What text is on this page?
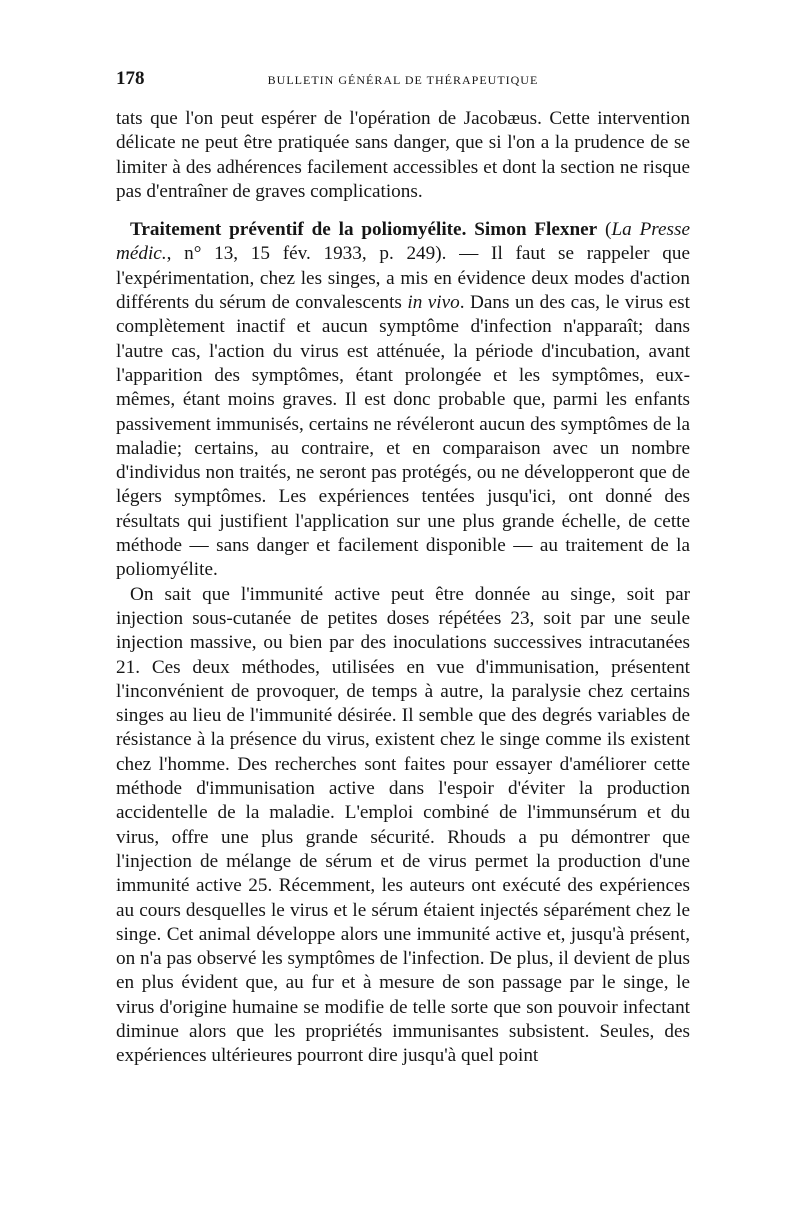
178	BULLETIN GÉNÉRAL DE THÉRAPEUTIQUE

tats que l'on peut espérer de l'opération de Jacobæus. Cette intervention délicate ne peut être pratiquée sans danger, que si l'on a la prudence de se limiter à des adhérences facilement accessibles et dont la section ne risque pas d'entraîner de graves complications.

Traitement préventif de la poliomyélite. Simon Flexner (La Presse médic., n° 13, 15 fév. 1933, p. 249). — Il faut se rappeler que l'expérimentation, chez les singes, a mis en évidence deux modes d'action différents du sérum de convalescents in vivo. Dans un des cas, le virus est complètement inactif et aucun symptôme d'infection n'apparaît; dans l'autre cas, l'action du virus est atténuée, la période d'incubation, avant l'apparition des symptômes, étant prolongée et les symptômes, eux-mêmes, étant moins graves. Il est donc probable que, parmi les enfants passivement immunisés, certains ne révéleront aucun des symptômes de la maladie; certains, au contraire, et en comparaison avec un nombre d'individus non traités, ne seront pas protégés, ou ne développeront que de légers symptômes. Les expériences tentées jusqu'ici, ont donné des résultats qui justifient l'application sur une plus grande échelle, de cette méthode — sans danger et facilement disponible — au traitement de la poliomyélite.

On sait que l'immunité active peut être donnée au singe, soit par injection sous-cutanée de petites doses répétées 23, soit par une seule injection massive, ou bien par des inoculations successives intracutanées 21. Ces deux méthodes, utilisées en vue d'immunisation, présentent l'inconvénient de provoquer, de temps à autre, la paralysie chez certains singes au lieu de l'immunité désirée. Il semble que des degrés variables de résistance à la présence du virus, existent chez le singe comme ils existent chez l'homme. Des recherches sont faites pour essayer d'améliorer cette méthode d'immunisation active dans l'espoir d'éviter la production accidentelle de la maladie. L'emploi combiné de l'immunsérum et du virus, offre une plus grande sécurité. Rhouds a pu démontrer que l'injection de mélange de sérum et de virus permet la production d'une immunité active 25. Récemment, les auteurs ont exécuté des expériences au cours desquelles le virus et le sérum étaient injectés séparément chez le singe. Cet animal développe alors une immunité active et, jusqu'à présent, on n'a pas observé les symptômes de l'infection. De plus, il devient de plus en plus évident que, au fur et à mesure de son passage par le singe, le virus d'origine humaine se modifie de telle sorte que son pouvoir infectant diminue alors que les propriétés immunisantes subsistent. Seules, des expériences ultérieures pourront dire jusqu'à quel point
